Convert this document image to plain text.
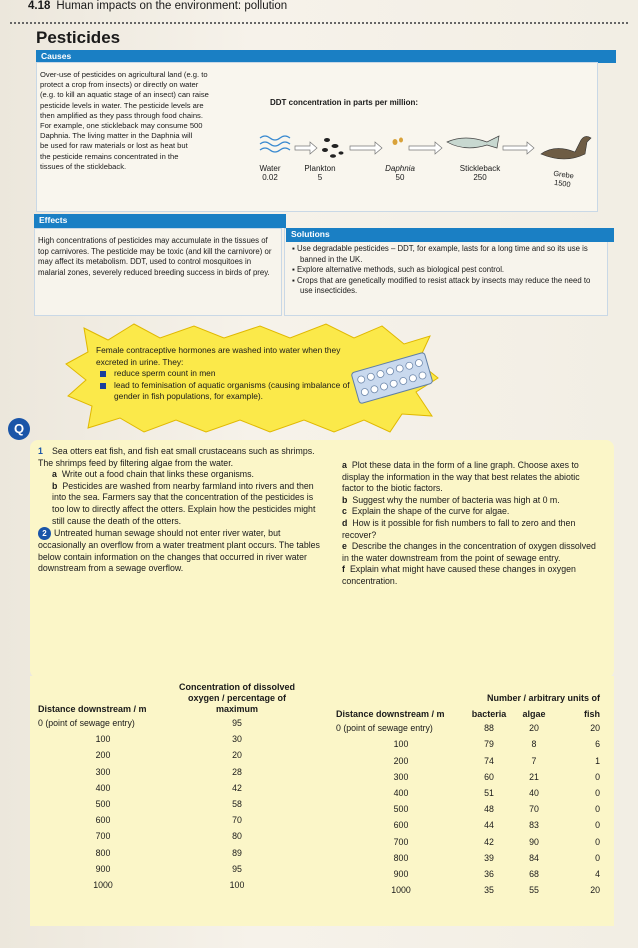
4.18 Human impacts on the environment: pollution
Pesticides
Causes
Over-use of pesticides on agricultural land (e.g. to
protect a crop from insects) or directly on water
(e.g. to kill an aquatic stage of an insect) can raise
pesticide levels in water. The pesticide levels are
then amplified as they pass through food chains.
For example, one stickleback may consume 500
Daphnia. The living matter in the Daphnia will
be used for raw materials or lost as heat but
the pesticide remains concentrated in the
tissues of the stickleback.
DDT concentration in parts per million:
Water
0.02
Plankton
5
Daphnia
50
Stickleback
250	Grebe
1500
Effects
High concentrations of pesticides may accumulate in the tissues of top carnivores. The pesticide may be toxic (and kill the carnivore) or may affect its metabolism. DDT, used to control mosquitoes in malarial zones, severely reduced breeding success in birds of prey.
Solutions
▪ Use degradable pesticides – DDT, for example, lasts for a long time and so its use is banned in the UK.
▪ Explore alternative methods, such as biological pest control.
▪ Crops that are genetically modified to resist attack by insects may reduce the need to use insecticides.
Female contraceptive hormones are washed into water when they excreted in urine. They:
reduce sperm count in men
lead to feminisation of aquatic organisms (causing imbalance of gender in fish populations, for example).
Q
1 Sea otters eat fish, and fish eat small crustaceans such as shrimps. The shrimps feed by filtering algae from the water.
a Write out a food chain that links these organisms.
b Pesticides are washed from nearby farmland into rivers and then into the sea. Farmers say that the concentration of the pesticides is too low to directly affect the otters. Explain how the pesticides might still cause the death of the otters.
2 Untreated human sewage should not enter river water, but occasionally an overflow from a water treatment plant occurs. The tables below contain information on the changes that occurred in river water downstream from a sewage overflow.
a Plot these data in the form of a line graph. Choose axes to display the information in the way that best relates the abiotic factor to the biotic factors.
b Suggest why the number of bacteria was high at 0 m.
c Explain the shape of the curve for algae.
d How is it possible for fish numbers to fall to zero and then recover?
e Describe the changes in the concentration of oxygen dissolved in the water downstream from the point of sewage entry.
f Explain what might have caused these changes in oxygen concentration.
Distance downstream / m	Concentration of dissolved oxygen / percentage of maximum
0 (point of sewage entry)	95
100	30
200	20
300	28
400	42
500	58
600	70
700	80
800	89
900	95
1000	100
Distance downstream / m	Number / arbitrary units of		
	bacteria	algae	fish
0 (point of sewage entry)	88	20	20
100	79	8	6
200	74	7	1
300	60	21	0
400	51	40	0
500	48	70	0
600	44	83	0
700	42	90	0
800	39	84	0
900	36	68	4
1000	35	55	20
